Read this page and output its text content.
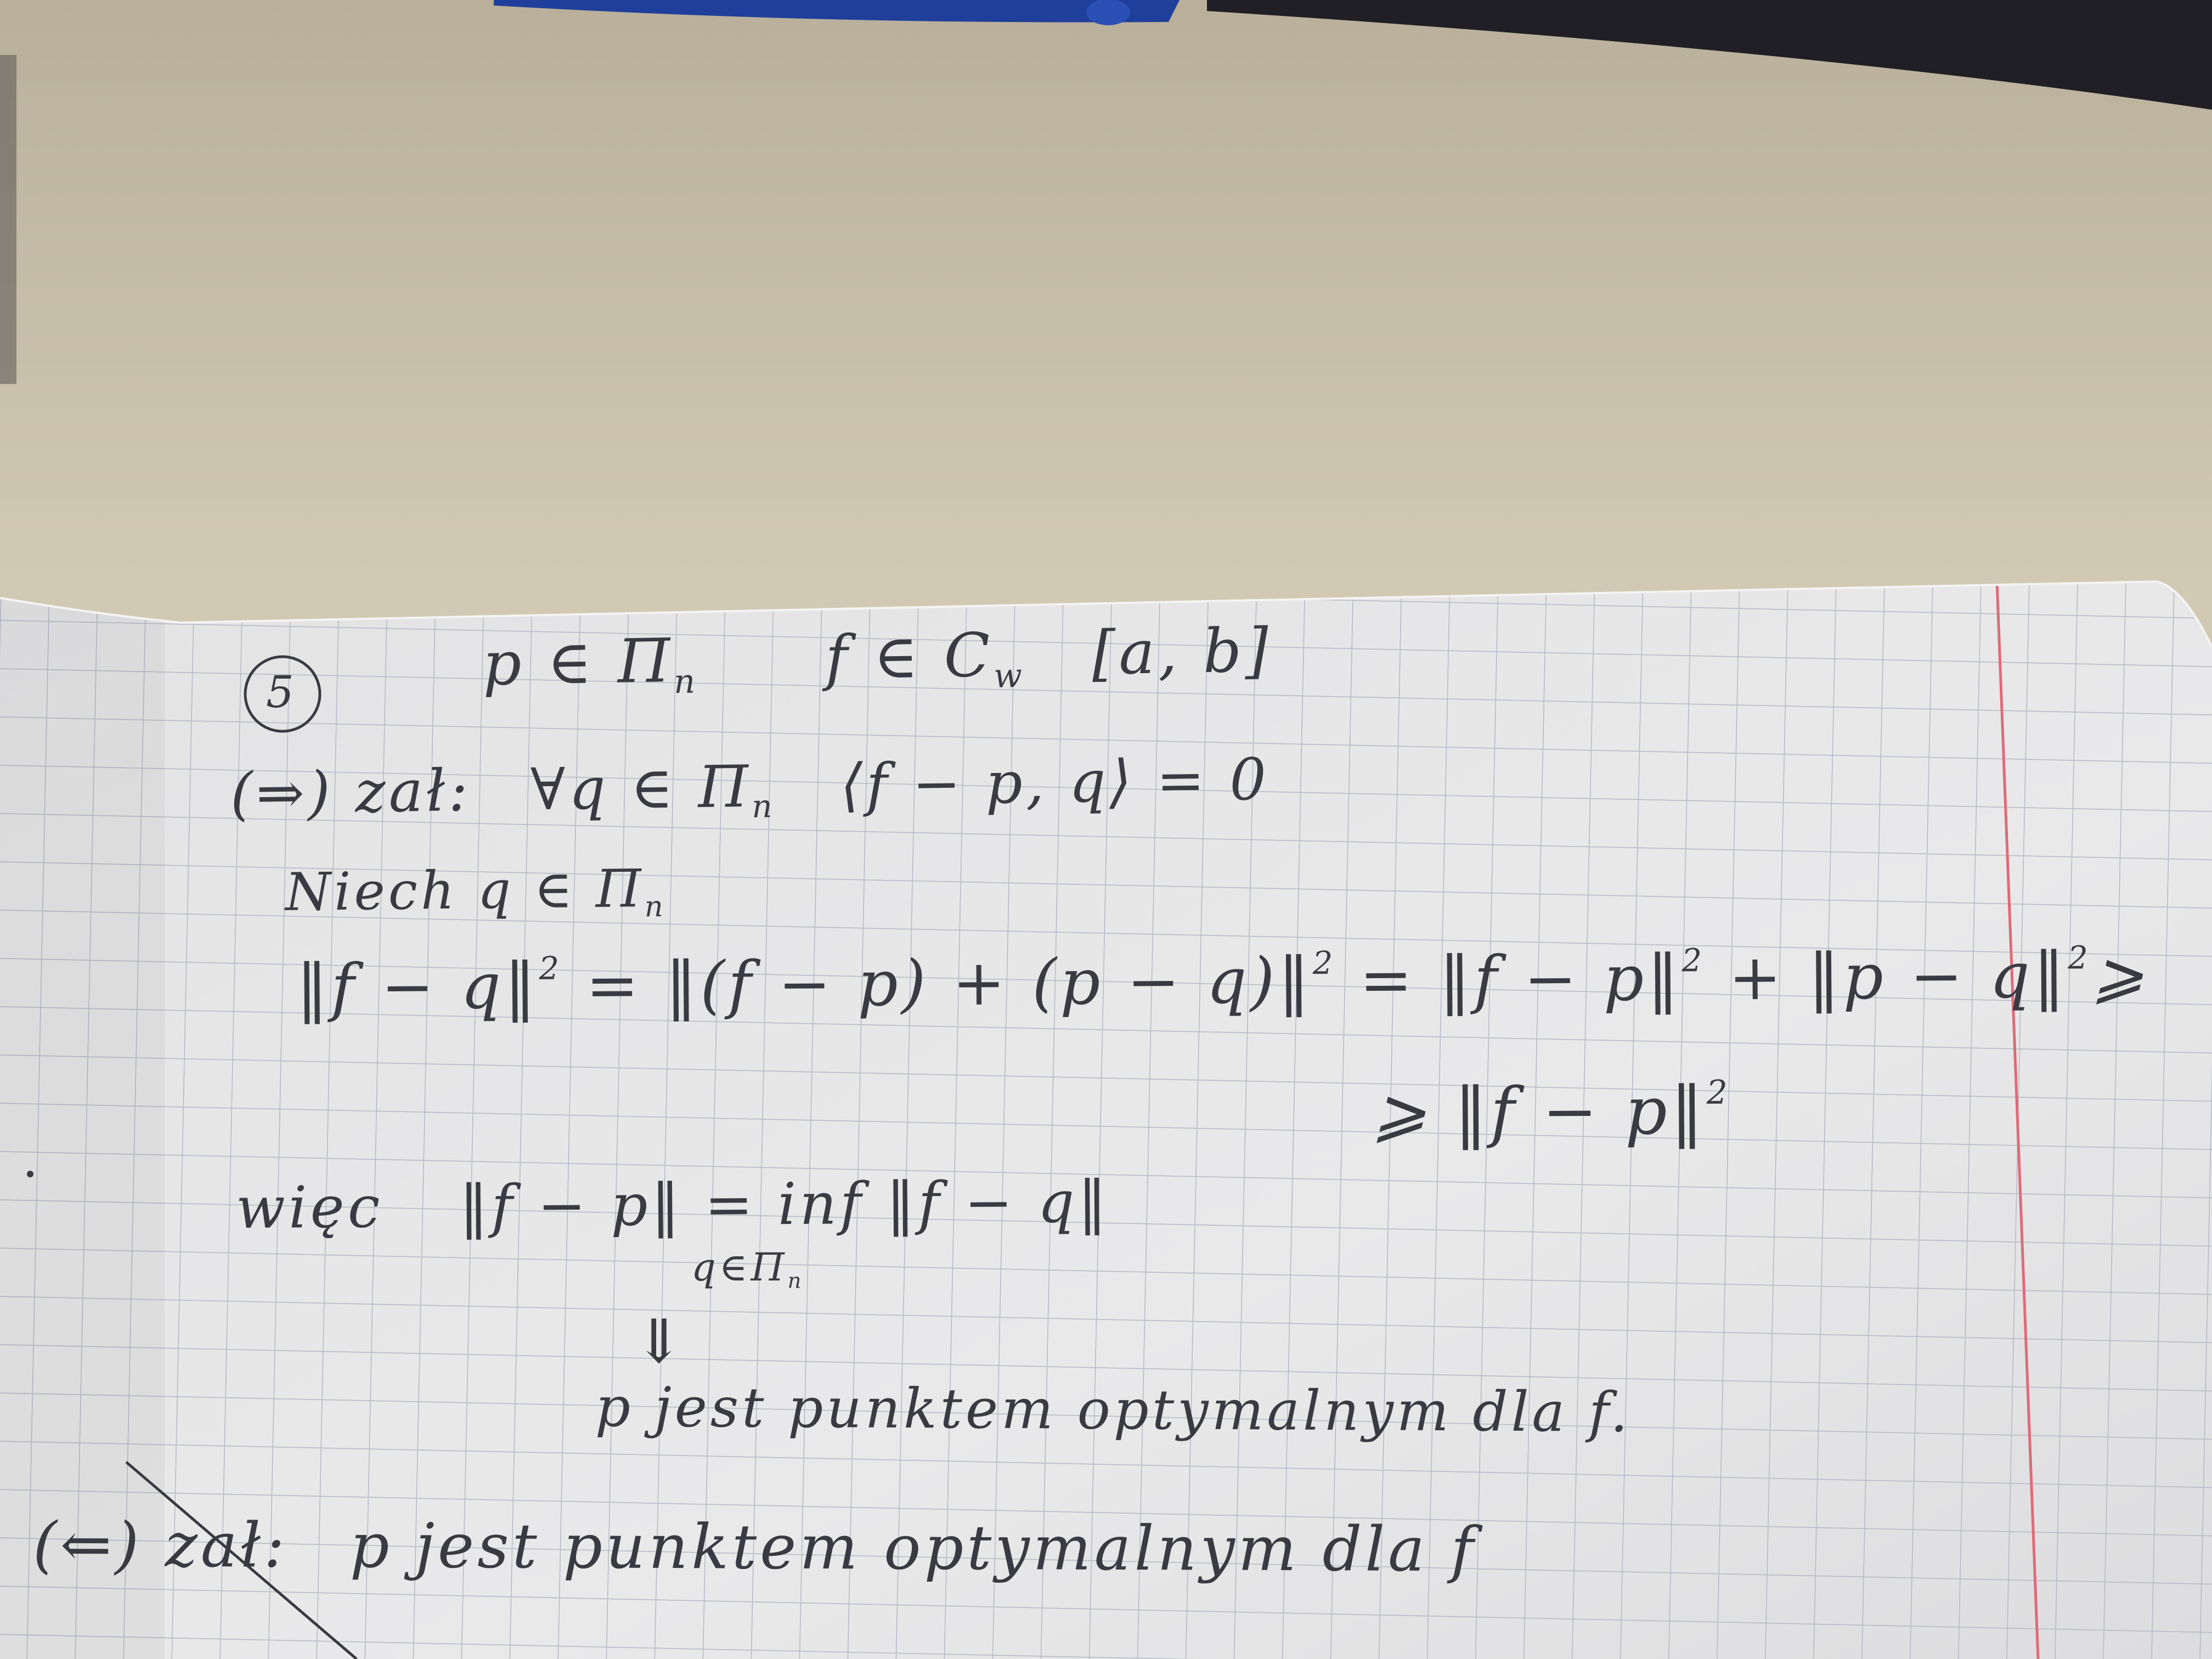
5	p ∈ $\Pi_n$ f ∈ $C_w$ [a, b]
(⇒) zał: ∀q ∈ $\Pi_n$ ⟨f − p, q⟩ = 0
Niech q ∈ $\Pi_n$
‖f − q‖$^2$ = ‖(f − p) + (p − q)‖$^2$ = ‖f − p‖$^2$ + ‖p − q‖$^2$⩾
⩾ ‖f − p‖$^2$
więc ‖f − p‖ = inf ‖f − q‖
$q\in\Pi_n$
⇓
p jest punktem optymalnym dla f.
(⇐) zał: p jest punktem optymalnym dla f
